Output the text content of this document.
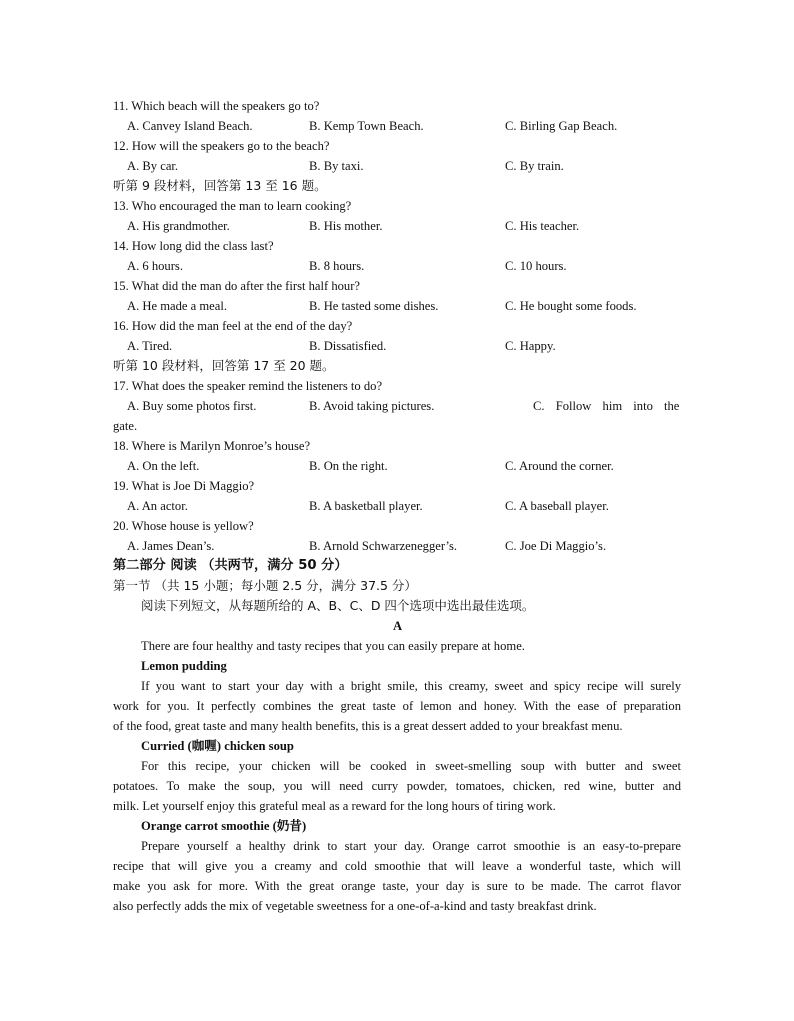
11. Which beach will the speakers go to?
A. Canvey Island Beach.	B. Kemp Town Beach.	C. Birling Gap Beach.
12. How will the speakers go to the beach?
A. By car.	B. By taxi.	C. By train.
听第 9 段材料，回答第 13 至 16 题。
13. Who encouraged the man to learn cooking?
A. His grandmother.	B. His mother.	C. His teacher.
14. How long did the class last?
A. 6 hours.	B. 8 hours.	C. 10 hours.
15. What did the man do after the first half hour?
A. He made a meal.	B. He tasted some dishes.	C. He bought some foods.
16. How did the man feel at the end of the day?
A. Tired.	B. Dissatisfied.	C. Happy.
听第 10 段材料，回答第 17 至 20 题。
17. What does the speaker remind the listeners to do?
A. Buy some photos first.	B. Avoid taking pictures.	C. Follow him into the
gate.
18. Where is Marilyn Monroe’s house?
A. On the left.	B. On the right.	C. Around the corner.
19. What is Joe Di Maggio?
A. An actor.	B. A basketball player.	C. A baseball player.
20. Whose house is yellow?
A. James Dean’s.	B. Arnold Schwarzenegger’s.	C. Joe Di Maggio’s.
第二部分 阅读 （共两节，满分 50 分）
第一节 （共 15 小题；每小题 2.5 分，满分 37.5 分）
阅读下列短文，从每题所给的 A、B、C、D 四个选项中选出最佳选项。
A
There are four healthy and tasty recipes that you can easily prepare at home.
Lemon pudding
If you want to start your day with a bright smile, this creamy, sweet and spicy recipe will surely
work for you. It perfectly combines the great taste of lemon and honey. With the ease of preparation
of the food, great taste and many health benefits, this is a great dessert added to your breakfast menu.
Curried (咖喱) chicken soup
For this recipe, your chicken will be cooked in sweet-smelling soup with butter and sweet
potatoes. To make the soup, you will need curry powder, tomatoes, chicken, red wine, butter and
milk. Let yourself enjoy this grateful meal as a reward for the long hours of tiring work.
Orange carrot smoothie (奶昔)
Prepare yourself a healthy drink to start your day. Orange carrot smoothie is an easy-to-prepare
recipe that will give you a creamy and cold smoothie that will leave a wonderful taste, which will
make you ask for more. With the great orange taste, your day is sure to be made. The carrot flavor
also perfectly adds the mix of vegetable sweetness for a one-of-a-kind and tasty breakfast drink.
